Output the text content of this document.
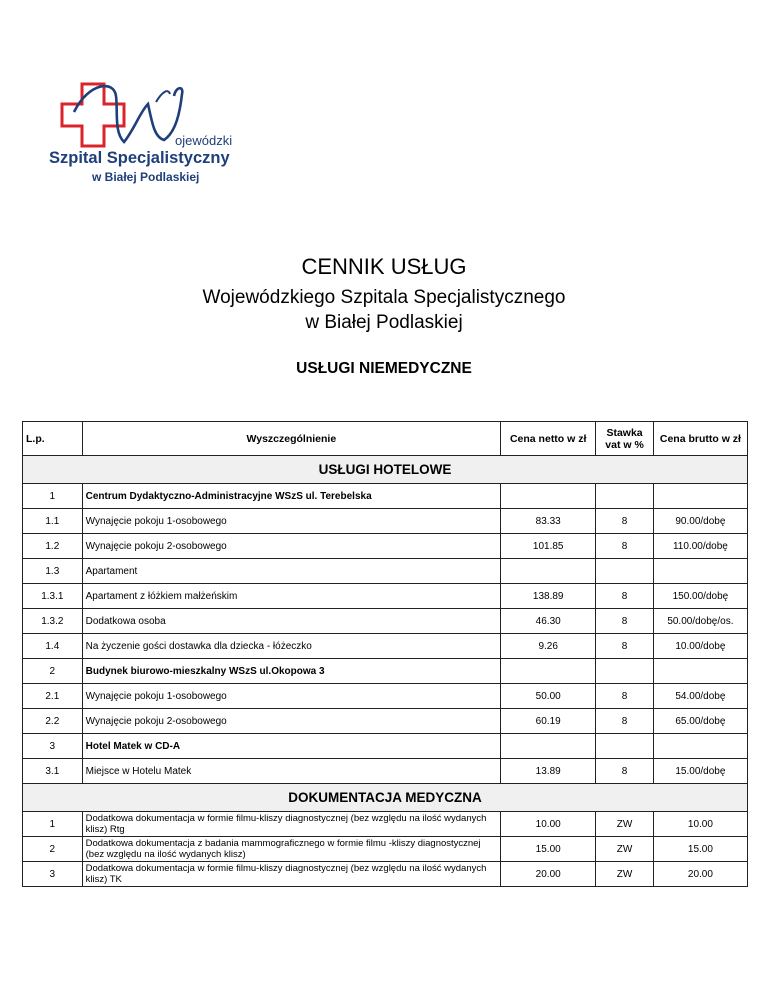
ojewódzki
Szpital Specjalistyczny
w Białej Podlaskiej
CENNIK USŁUG
Wojewódzkiego Szpitala Specjalistycznego
w Białej Podlaskiej
USŁUGI NIEMEDYCZNE
L.p.	Wyszczególnienie	Cena netto w zł	Stawka vat w %	Cena brutto w zł
USŁUGI HOTELOWE				
1	Centrum Dydaktyczno-Administracyjne WSzS ul. Terebelska			
1.1	Wynajęcie pokoju 1-osobowego	83.33	8	90.00/dobę
1.2	Wynajęcie pokoju 2-osobowego	101.85	8	110.00/dobę
1.3	Apartament			
1.3.1	Apartament z łóżkiem małżeńskim	138.89	8	150.00/dobę
1.3.2	Dodatkowa osoba	46.30	8	50.00/dobę/os.
1.4	Na życzenie gości dostawka dla dziecka - łóżeczko	9.26	8	10.00/dobę
2	Budynek biurowo-mieszkalny WSzS ul.Okopowa 3			
2.1	Wynajęcie pokoju 1-osobowego	50.00	8	54.00/dobę
2.2	Wynajęcie pokoju 2-osobowego	60.19	8	65.00/dobę
3	Hotel Matek w CD-A			
3.1	Miejsce w Hotelu Matek	13.89	8	15.00/dobę
DOKUMENTACJA MEDYCZNA				
1	Dodatkowa dokumentacja w formie filmu-kliszy diagnostycznej (bez względu na ilość wydanych klisz) Rtg	10.00	ZW	10.00
2	Dodatkowa dokumentacja z badania mammograficznego w formie filmu -kliszy diagnostycznej (bez względu na ilość wydanych klisz)	15.00	ZW	15.00
3	Dodatkowa dokumentacja w formie filmu-kliszy diagnostycznej (bez względu na ilość wydanych klisz) TK	20.00	ZW	20.00
